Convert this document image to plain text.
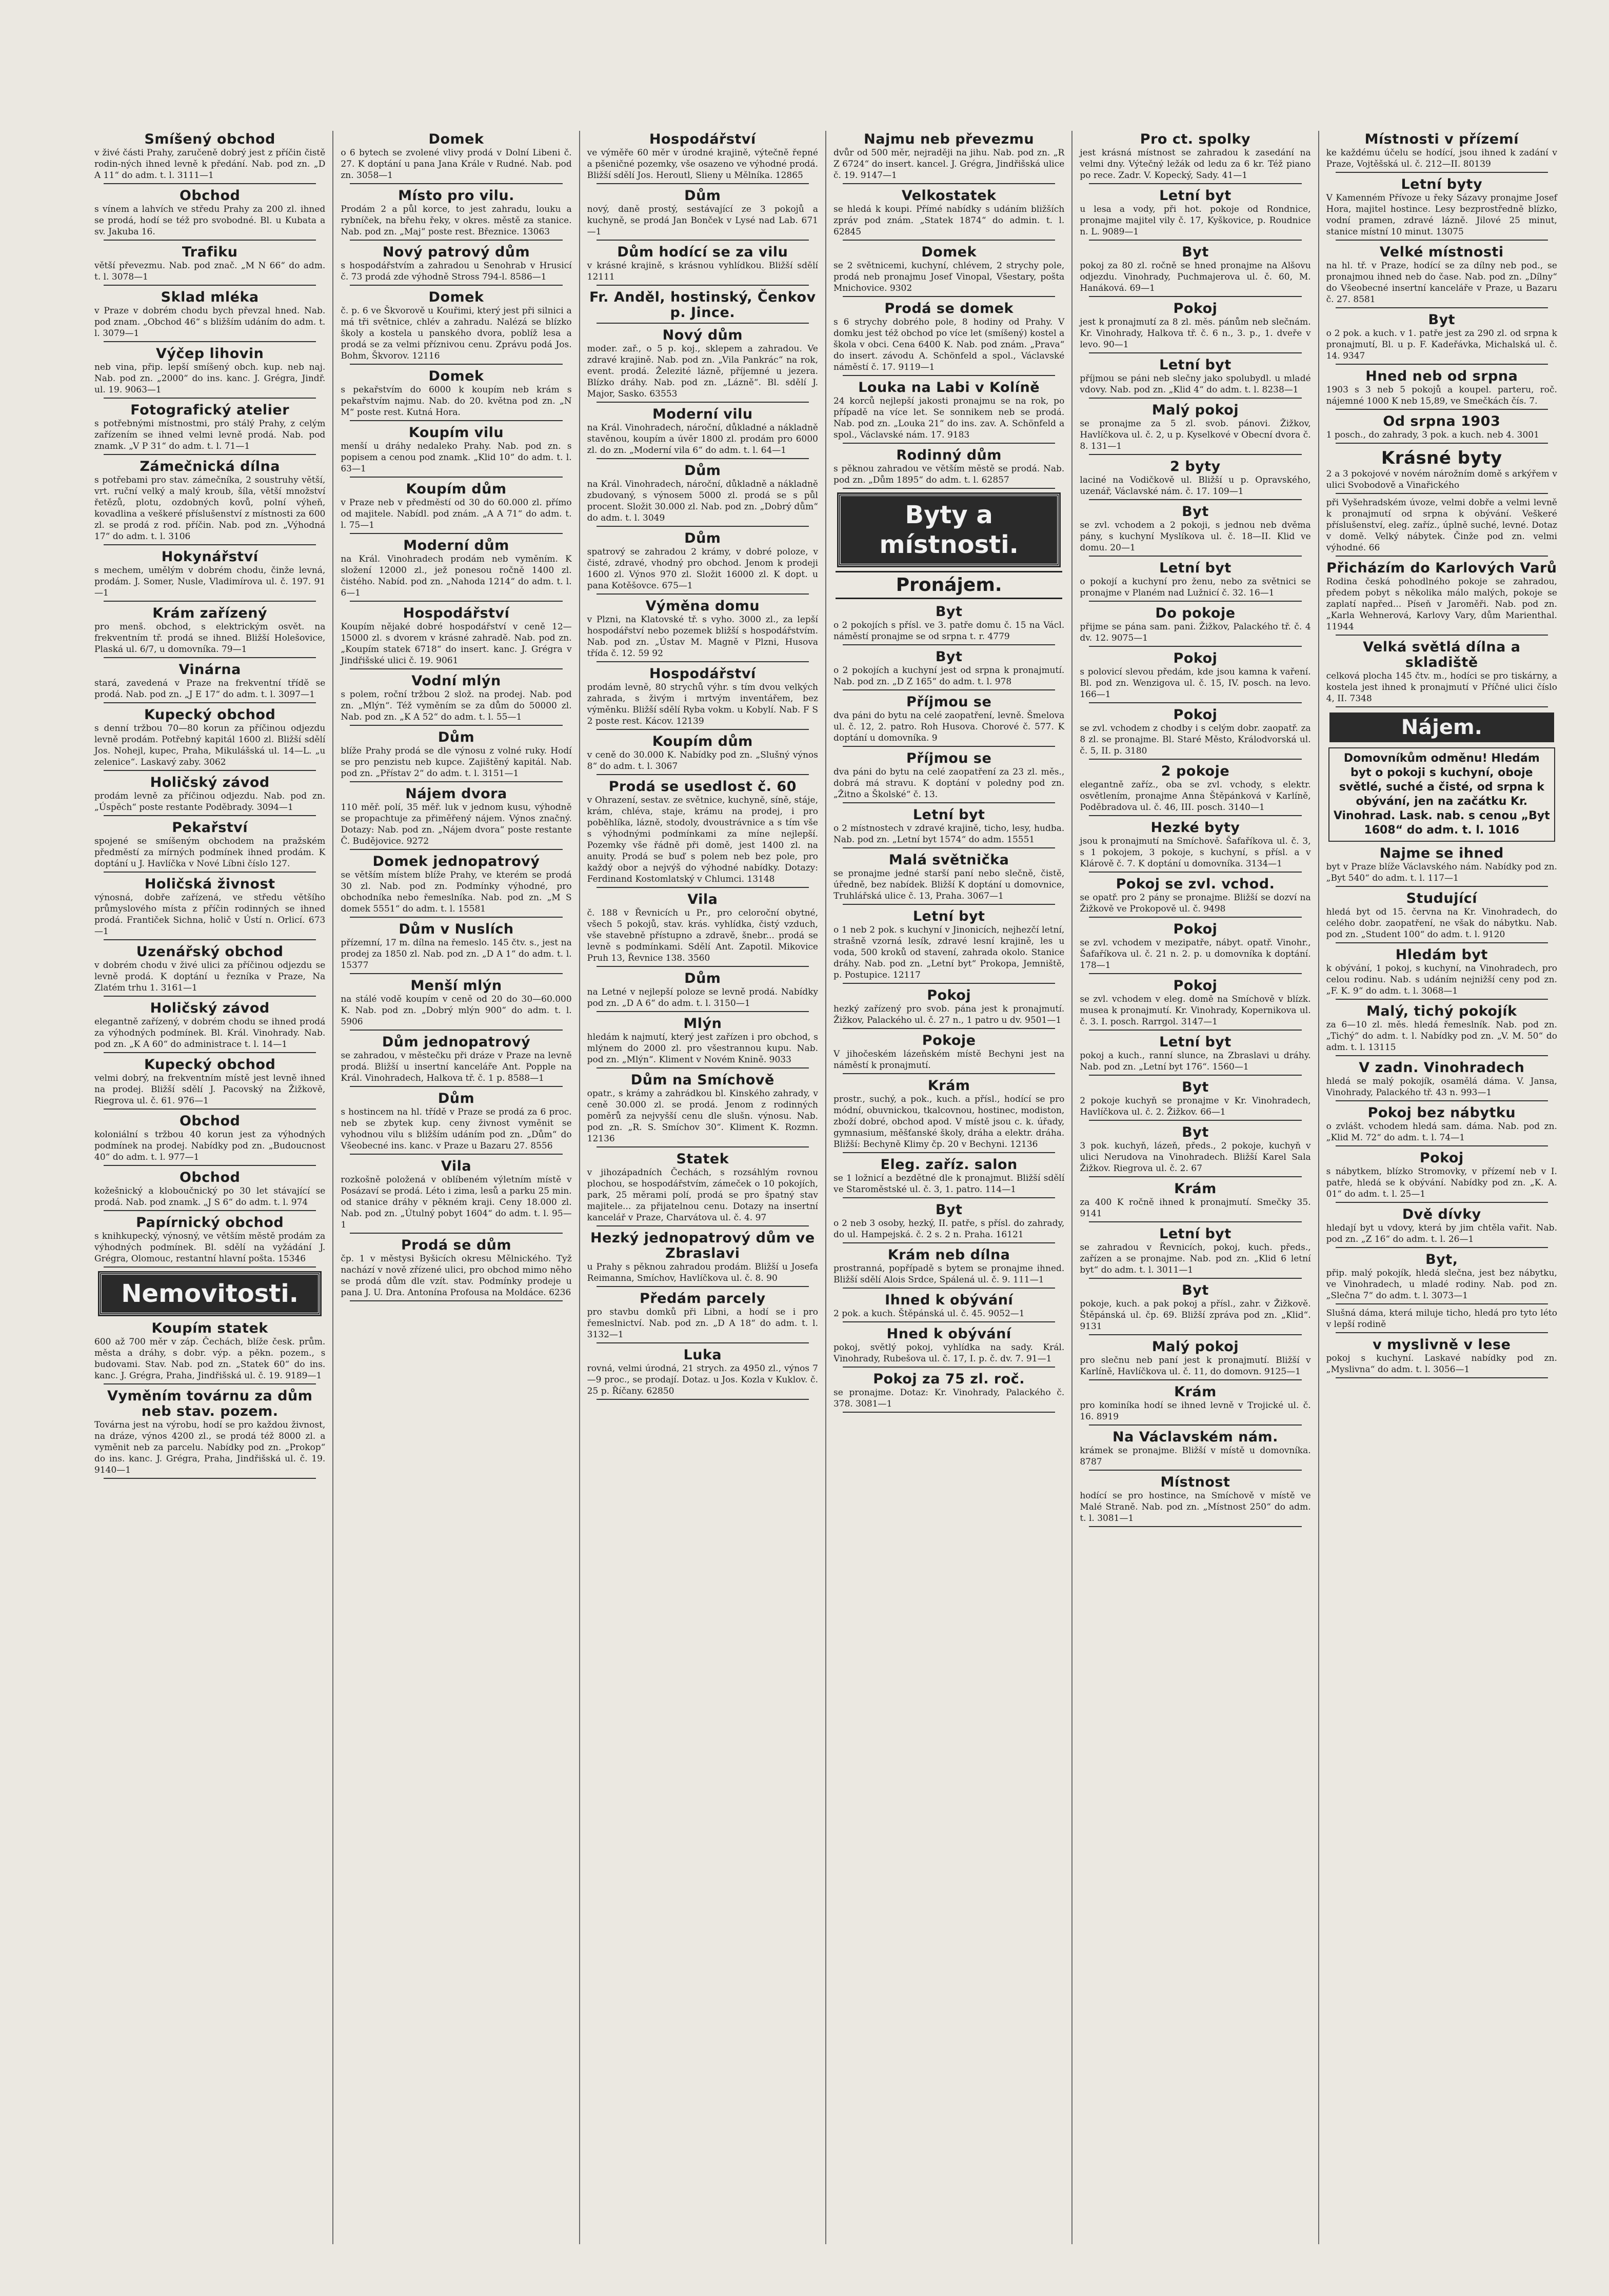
Smíšený obchod

v živé části Prahy, zaručeně dobrý jest z příčin čistě rodin-ných ihned levně k předání. Nab. pod zn. „D A 11“ do adm. t. l. 3111—1

Obchod

s vínem a lahvích ve středu Prahy za 200 zl. ihned se prodá, hodí se též pro svobodné. Bl. u Kubata a sv. Jakuba 16.

Trafiku

větší převezmu. Nab. pod znač. „M N 66“ do adm. t. l. 3078—1

Sklad mléka

v Praze v dobrém chodu bych převzal hned. Nab. pod znam. „Obchod 46“ s bližším udáním do adm. t. l. 3079—1

Výčep lihovin

neb vina, přip. lepší smíšený obch. kup. neb naj. Nab. pod zn. „2000“ do ins. kanc. J. Grégra, Jindř. ul. 19. 9063—1

Fotografický atelier

s potřebnými místnostmi, pro stálý Prahy, z celým zařízením se ihned velmi levně prodá. Nab. pod znamk. „V P 31“ do adm. t. l. 71—1

Zámečnická dílna

s potřebami pro stav. zámečníka, 2 soustruhy větší, vrt. ruční velký a malý kroub, šíla, větší množství řetězů, plotu, ozdobných kovů, polní výheň, kovadlina a veškeré příslušenství z místnosti za 600 zl. se prodá z rod. příčin. Nab. pod zn. „Výhodná 17“ do adm. t. l. 3106

Hokynářství

s mechem, umělým v dobrém chodu, činže levná, prodám. J. Somer, Nusle, Vladimírova ul. č. 197. 91—1

Krám zařízený

pro menš. obchod, s elektrickým osvět. na frekventním tř. prodá se ihned. Bližší Holešovice, Plaská ul. 6/7, u domovníka. 79—1

Vinárna

stará, zavedená v Praze na frekventní třídě se prodá. Nab. pod zn. „J E 17“ do adm. t. l. 3097—1

Kupecký obchod

s denní tržbou 70—80 korun za příčinou odjezdu levně prodám. Potřebný kapitál 1600 zl. Bližší sdělí Jos. Nohejl, kupec, Praha, Mikulášská ul. 14—L. „u zelenice“. Laskavý zaby. 3062

Holičský závod

prodám levně za příčinou odjezdu. Nab. pod zn. „Úspěch“ poste restante Poděbrady. 3094—1

Pekařství

spojené se smíšeným obchodem na pražském předměstí za mírných podmínek ihned prodám. K doptání u J. Havlíčka v Nové Líbni číslo 127.

Holičská živnost

výnosná, dobře zařízená, ve středu většího průmyslového místa z příčin rodinných se ihned prodá. Frantiček Sichna, holič v Ústí n. Orlicí. 673—1

Uzenářský obchod

v dobrém chodu v živé ulici za příčinou odjezdu se levně prodá. K doptání u řezníka v Praze, Na Zlatém trhu 1. 3161—1

Holičský závod

elegantně zařízený, v dobrém chodu se ihned prodá za výhodných podmínek. Bl. Král. Vinohrady. Nab. pod zn. „K A 60“ do administrace t. l. 14—1

Kupecký obchod

velmi dobrý, na frekventním místě jest levně ihned na prodej. Bližší sdělí J. Pacovský na Žižkově, Riegrova ul. č. 61. 976—1

Obchod

koloniální s tržbou 40 korun jest za výhodných podmínek na prodej. Nabídky pod zn. „Budoucnost 40“ do adm. t. l. 977—1

Obchod

kožešnický a kloboučnický po 30 let stávající se prodá. Nab. pod znamk. „J S 6“ do adm. t. l. 974

Papírnický obchod

s knihkupecký, výnosný, ve větším městě prodám za výhodných podmínek. Bl. sdělí na vyžádání J. Grégra, Olomouc, restantní hlavní pošta. 15346

Nemovitosti.
Koupím statek

600 až 700 měr v záp. Čechách, blíže česk. prům. města a dráhy, s dobr. výp. a pěkn. pozem., s budovami. Stav. Nab. pod zn. „Statek 60“ do ins. kanc. J. Grégra, Praha, Jindřišská ul. č. 19. 9189—1

Vyměním továrnu za dům neb stav. pozem.

Továrna jest na výrobu, hodí se pro každou živnost, na dráze, výnos 4200 zl., se prodá též 8000 zl. a vyměnit neb za parcelu. Nabídky pod zn. „Prokop“ do ins. kanc. J. Grégra, Praha, Jindřišská ul. č. 19. 9140—1

Domek

o 6 bytech se zvolené vlivy prodá v Dolní Libeni č. 27. K doptání u pana Jana Krále v Rudné. Nab. pod zn. 3058—1

Místo pro vilu.

Prodám 2 a půl korce, to jest zahradu, louku a rybníček, na břehu řeky, v okres. městě za stanice. Nab. pod zn. „Maj“ poste rest. Březnice. 13063

Nový patrový dům

s hospodářstvím a zahradou u Senohrab v Hrusicí č. 73 prodá zde výhodně Stross 794-l. 8586—1

Domek

č. p. 6 ve Škvorově u Kouřimi, který jest při silnici a má tři světnice, chlév a zahradu. Nalézá se blízko školy a kostela u panského dvora, poblíž lesa a prodá se za velmi příznivou cenu. Zprávu podá Jos. Bohm, Škvorov. 12116

Domek

s pekařstvím do 6000 k koupím neb krám s pekařstvím najmu. Nab. do 20. května pod zn. „N M“ poste rest. Kutná Hora.

Koupím vilu

menší u dráhy nedaleko Prahy. Nab. pod zn. s popisem a cenou pod znamk. „Klid 10“ do adm. t. l. 63—1

Koupím dům

v Praze neb v předměstí od 30 do 60.000 zl. přímo od majitele. Nabídl. pod znám. „A A 71“ do adm. t. l. 75—1

Moderní dům

na Král. Vinohradech prodám neb vyměním. K složení 12000 zl., jež ponesou ročně 1400 zl. čistého. Nabíd. pod zn. „Nahoda 1214“ do adm. t. l. 6—1

Hospodářství

Koupím nějaké dobré hospodářství v ceně 12—15000 zl. s dvorem v krásné zahradě. Nab. pod zn. „Koupím statek 6718“ do insert. kanc. J. Grégra v Jindřišské ulici č. 19. 9061

Vodní mlýn

s polem, roční tržbou 2 slož. na prodej. Nab. pod zn. „Mlýn“. Též vyměním se za dům do 50000 zl. Nab. pod zn. „K A 52“ do adm. t. l. 55—1

Dům

blíže Prahy prodá se dle výnosu z volné ruky. Hodí se pro penzistu neb kupce. Zajištěný kapitál. Nab. pod zn. „Přístav 2“ do adm. t. l. 3151—1

Nájem dvora

110 měř. polí, 35 měř. luk v jednom kusu, výhodně se propachtuje za přiměřený nájem. Výnos značný. Dotazy: Nab. pod zn. „Nájem dvora“ poste restante Č. Budějovice. 9272

Domek jednopatrový

se větším místem blíže Prahy, ve kterém se prodá 30 zl. Nab. pod zn. Podmínky výhodné, pro obchodníka nebo řemeslníka. Nab. pod zn. „M S domek 5551“ do adm. t. l. 15581

Dům v Nuslích

přízemní, 17 m. dílna na řemeslo. 145 čtv. s., jest na prodej za 1850 zl. Nab. pod zn. „D A 1“ do adm. t. l. 15377

Menší mlýn

na stálé vodě koupím v ceně od 20 do 30—60.000 K. Nab. pod zn. „Dobrý mlýn 900“ do adm. t. l. 5906

Dům jednopatrový

se zahradou, v městečku při dráze v Praze na levně prodá. Bližší u insertní kanceláře Ant. Popple na Král. Vinohradech, Halkova tř. č. 1 p. 8588—1

Dům

s hostincem na hl. třídě v Praze se prodá za 6 proc. neb se zbytek kup. ceny živnost vyměnit se vyhodnou vilu s bližším udáním pod zn. „Dům“ do Všeobecné ins. kanc. v Praze u Bazaru 27. 8556

Vila

rozkošně položená v oblíbeném výletním místě v Posázaví se prodá. Léto i zima, lesů a parku 25 min. od stanice dráhy v pěkném kraji. Ceny 18.000 zl. Nab. pod zn. „Útulný pobyt 1604“ do adm. t. l. 95—1

Prodá se dům

čp. 1 v městysi Byšicích okresu Mělnického. Tyž nachází v nově zřízené ulici, pro obchod mimo něho se prodá dům dle vzít. stav. Podmínky prodeje u pana J. U. Dra. Antonína Profousa na Moldáce. 6236

Hospodářství

ve výměře 60 měr v úrodné krajině, výtečně řepné a pšeničné pozemky, vše osazeno ve výhodné prodá. Bližší sdělí Jos. Heroutl, Slieny u Mělníka. 12865

Dům

nový, daně prostý, sestávající ze 3 pokojů a kuchyně, se prodá Jan Bonček v Lysé nad Lab. 671—1

Dům hodící se za vilu

v krásné krajině, s krásnou vyhlídkou. Bližší sdělí 12111

Fr. Anděl, hostinský, Čenkov p. Jince.
Nový dům

moder. zař., o 5 p. koj., sklepem a zahradou. Ve zdravé krajině. Nab. pod zn. „Vila Pankrác“ na rok, event. prodá. Železité lázně, příjemné u jezera. Blízko dráhy. Nab. pod zn. „Lázně“. Bl. sdělí J. Major, Sasko. 63553

Moderní vilu

na Král. Vinohradech, nároční, důkladné a nákladně stavěnou, koupím a úvěr 1800 zl. prodám pro 6000 zl. do zn. „Moderní vila 6“ do adm. t. l. 64—1

Dům

na Král. Vinohradech, nároční, důkladně a nákladně zbudovaný, s výnosem 5000 zl. prodá se s půl procent. Složit 30.000 zl. Nab. pod zn. „Dobrý dům“ do adm. t. l. 3049

Dům

spatrový se zahradou 2 krámy, v dobré poloze, v čisté, zdravé, vhodný pro obchod. Jenom k prodeji 1600 zl. Výnos 970 zl. Složit 16000 zl. K dopt. u pana Kotěšovce. 675—1

Výměna domu

v Plzni, na Klatovské tř. s vyho. 3000 zl., za lepší hospodářství nebo pozemek bližší s hospodářstvím. Nab. pod zn. „Ústav M. Magně v Plzni, Husova třída č. 12. 59 92

Hospodářství

prodám levně, 80 strychů výhr. s tím dvou velkých zahrada, s živým i mrtvým inventářem, bez výměnku. Bližší sdělí Ryba vokm. u Kobylí. Nab. F S 2 poste rest. Kácov. 12139

Koupím dům

v ceně do 30.000 K. Nabídky pod zn. „Slušný výnos 8“ do adm. t. l. 3067

Prodá se usedlost č. 60

v Ohrazení, sestav. ze světnice, kuchyně, síně, stáje, krám, chléva, staje, krámu na prodej, i pro poběhlíka, lázně, stodoly, dvoustrávnice a s tím vše s výhodnými podmínkami za míne nejlepší. Pozemky vše řádně při domě, jest 1400 zl. na anuity. Prodá se buď s polem neb bez pole, pro každý obor a nejvýš do výhodné nabídky. Dotazy: Ferdinand Kostomlatský v Chlumci. 13148

Vila

č. 188 v Řevnicích u Pr., pro celoroční obytné, všech 5 pokojů, stav. krás. vyhlídka, čistý vzduch, vše stavebně přístupno a zdravě, šnebr... prodá se levně s podmínkami. Sdělí Ant. Zapotil. Mikovice Pruh 13, Řevnice 138. 3560

Dům

na Letné v nejlepší poloze se levně prodá. Nabídky pod zn. „D A 6“ do adm. t. l. 3150—1

Mlýn

hledám k najmutí, který jest zařízen i pro obchod, s mlýnem do 2000 zl. pro všestrannou kupu. Nab. pod zn. „Mlýn“. Kliment v Novém Knině. 9033

Dům na Smíchově

opatr., s krámy a zahrádkou bl. Kinského zahrady, v ceně 30.000 zl. se prodá. Jenom z rodinných poměrů za nejvyšší cenu dle slušn. výnosu. Nab. pod zn. „R. S. Smíchov 30“. Kliment K. Rozmn. 12136

Statek

v jihozápadních Čechách, s rozsáhlým rovnou plochou, se hospodářstvím, zámeček o 10 pokojích, park, 25 měrami polí, prodá se pro špatný stav majitele... za přijatelnou cenu. Dotazy na insertní kancelář v Praze, Charvátova ul. č. 4. 97

Hezký jednopatrový dům ve Zbraslavi

u Prahy s pěknou zahradou prodám. Bližší u Josefa Reimanna, Smíchov, Havlíčkova ul. č. 8. 90

Předám parcely

pro stavbu domků při Libni, a hodí se i pro řemeslnictví. Nab. pod zn. „D A 18“ do adm. t. l. 3132—1

Luka

rovná, velmi úrodná, 21 strych. za 4950 zl., výnos 7—9 proc., se prodají. Dotaz. u Jos. Kozla v Kuklov. č. 25 p. Říčany. 62850

Najmu neb převezmu

dvůr od 500 měr, nejraději na jihu. Nab. pod zn. „R Z 6724“ do insert. kancel. J. Grégra, Jindřišská ulice č. 19. 9147—1

Velkostatek

se hledá k koupi. Přímé nabídky s udáním bližších zpráv pod znám. „Statek 1874“ do admin. t. l. 62845

Domek

se 2 světnicemi, kuchyní, chlévem, 2 strychy pole, prodá neb pronajmu Josef Vinopal, Všestary, pošta Mnichovice. 9302

Prodá se domek

s 6 strychy dobrého pole, 8 hodiny od Prahy. V domku jest též obchod po více let (smíšený) kostel a škola v obci. Cena 6400 K. Nab. pod znám. „Prava“ do insert. závodu A. Schönfeld a spol., Václavské náměstí č. 17. 9119—1

Louka na Labi v Kolíně

24 korců nejlepší jakosti pronajmu se na rok, po případě na více let. Se sonnikem neb se prodá. Nab. pod zn. „Louka 21“ do ins. zav. A. Schönfeld a spol., Václavské nám. 17. 9183

Rodinný dům

s pěknou zahradou ve větším městě se prodá. Nab. pod zn. „Dům 1895“ do adm. t. l. 62857

Byty a místnosti.
Pronájem.
Byt

o 2 pokojích s přísl. ve 3. patře domu č. 15 na Václ. náměstí pronajme se od srpna t. r. 4779

Byt

o 2 pokojích a kuchyní jest od srpna k pronajmutí. Nab. pod zn. „D Z 165“ do adm. t. l. 978

Příjmou se

dva páni do bytu na celé zaopatření, levně. Šmelova ul. č. 12, 2. patro. Roh Husova. Chorové č. 577. K doptání u domovníka. 9

Příjmou se

dva páni do bytu na celé zaopatření za 23 zl. měs., dobrá má stravu. K doptání v poledny pod zn. „Žitno a Školské“ č. 13.

Letní byt

o 2 místnostech v zdravé krajině, ticho, lesy, hudba. Nab. pod zn. „Letní byt 1574“ do adm. 15551

Malá světnička

se pronajme jedné starší paní nebo slečně, čistě, úředně, bez nabídek. Bližší K doptání u domovnice, Truhlářská ulice č. 13, Praha. 3067—1

Letní byt

o 1 neb 2 pok. s kuchyní v Jinonicích, nejhezčí letní, strašně vzorná lesík, zdravé lesní krajině, les u voda, 500 kroků od stavení, zahrada okolo. Stanice dráhy. Nab. pod zn. „Letní byt“ Prokopa, Jemniště, p. Postupice. 12117

Pokoj

hezký zařízený pro svob. pána jest k pronajmutí. Žižkov, Palackého ul. č. 27 n., 1 patro u dv. 9501—1

Pokoje

V jihočeském lázeňském místě Bechyni jest na náměstí k pronajmutí.

Krám

prostr., suchý, a pok., kuch. a přísl., hodící se pro módní, obuvnickou, tkalcovnou, hostinec, modiston, zboží dobré, obchod apod. V místě jsou c. k. úřady, gymnasium, měšťanské školy, dráha a elektr. dráha. Bližší: Bechyně Klimy čp. 20 v Bechyni. 12136

Eleg. zaříz. salon

se 1 ložnicí a bezdětné dle k pronajmut. Bližší sdělí ve Staroměstské ul. č. 3, 1. patro. 114—1

Byt

o 2 neb 3 osoby, hezký, II. patře, s přísl. do zahrady, do ul. Hampejská. č. 2 s. 2 n. Praha. 16121

Krám neb dílna

prostranná, popřípadě s bytem se pronajme ihned. Bližší sdělí Alois Srdce, Spálená ul. č. 9. 111—1

Ihned k obývání

2 pok. a kuch. Štěpánská ul. č. 45. 9052—1

Hned k obývání

pokoj, světlý pokoj, vyhlídka na sady. Král. Vinohrady, Rubešova ul. č. 17, I. p. č. dv. 7. 91—1

Pokoj za 75 zl. roč.

se pronajme. Dotaz: Kr. Vinohrady, Palackého č. 378. 3081—1

Pro ct. spolky

jest krásná místnost se zahradou k zasedání na velmi dny. Výtečný ležák od ledu za 6 kr. Též piano po rece. Zadr. V. Kopecký, Sady. 41—1

Letní byt

u lesa a vody, při hot. pokoje od Rondnice, pronajme majitel vily č. 17, Kyškovice, p. Roudnice n. L. 9089—1

Byt

pokoj za 80 zl. ročně se hned pronajme na Alšovu odjezdu. Vinohrady, Puchmajerova ul. č. 60, M. Hanáková. 69—1

Pokoj

jest k pronajmutí za 8 zl. měs. pánům neb slečnám. Kr. Vinohrady, Halkova tř. č. 6 n., 3. p., 1. dveře v levo. 90—1

Letní byt

příjmou se páni neb slečny jako spolubydl. u mladé vdovy. Nab. pod zn. „Klid 4“ do adm. t. l. 8238—1

Malý pokoj

se pronajme za 5 zl. svob. pánovi. Žižkov, Havlíčkova ul. č. 2, u p. Kyselkové v Obecní dvora č. 8. 131—1

2 byty

laciné na Vodičkově ul. Bližší u p. Opravského, uzenář, Václavské nám. č. 17. 109—1

Byt

se zvl. vchodem a 2 pokoji, s jednou neb dvěma pány, s kuchyní Myslíkova ul. č. 18—II. Klid ve domu. 20—1

Letní byt

o pokojí a kuchyní pro ženu, nebo za světnici se pronajme v Planém nad Lužnicí č. 32. 16—1

Do pokoje

přijme se pána sam. pani. Žižkov, Palackého tř. č. 4 dv. 12. 9075—1

Pokoj

s polovicí slevou předám, kde jsou kamna k vaření. Bl. pod zn. Wenzigova ul. č. 15, IV. posch. na levo. 166—1

Pokoj

se zvl. vchodem z chodby i s celým dobr. zaopatř. za 8 zl. se pronajme. Bl. Staré Město, Králodvorská ul. č. 5, II. p. 3180

2 pokoje

elegantně zaříz., oba se zvl. vchody, s elektr. osvětlením, pronajme Anna Štěpánková v Karlíně, Poděbradova ul. č. 46, III. posch. 3140—1

Hezké byty

jsou k pronajmutí na Smíchově. Šafaříkova ul. č. 3, s 1 pokojem, 3 pokoje, s kuchyní, s přísl. a v Klárově č. 7. K doptání u domovníka. 3134—1

Pokoj se zvl. vchod.

se opatř. pro 2 pány se pronajme. Bližší se dozví na Žižkově ve Prokopově ul. č. 9498

Pokoj

se zvl. vchodem v mezipatře, nábyt. opatř. Vinohr., Šafaříkova ul. č. 21 n. 2. p. u domovníka k doptání. 178—1

Pokoj

se zvl. vchodem v eleg. domě na Smíchově v blízk. musea k pronajmutí. Kr. Vinohrady, Kopernikova ul. č. 3. I. posch. Rarrgol. 3147—1

Letní byt

pokoj a kuch., ranní slunce, na Zbraslavi u dráhy. Nab. pod zn. „Letní byt 176“. 1560—1

Byt

2 pokoje kuchyň se pronajme v Kr. Vinohradech, Havlíčkova ul. č. 2. Žižkov. 66—1

Byt

3 pok. kuchyň, lázeň, předs., 2 pokoje, kuchyň v ulici Nerudova na Vinohradech. Bližší Karel Sala Žižkov. Riegrova ul. č. 2. 67

Krám

za 400 K ročně ihned k pronajmutí. Smečky 35. 9141

Letní byt

se zahradou v Řevnicích, pokoj, kuch. předs., zařízen a se pronajme. Nab. pod zn. „Klid 6 letní byt“ do adm. t. l. 3011—1

Byt

pokoje, kuch. a pak pokoj a přísl., zahr. v Žižkově. Štěpánská ul. čp. 69. Bližší zpráva pod zn. „Klid“. 9131

Malý pokoj

pro slečnu neb paní jest k pronajmutí. Bližší v Karlíně, Havlíčkova ul. č. 11, do domovn. 9125—1

Krám

pro kominíka hodí se ihned levně v Trojické ul. č. 16. 8919

Na Václavském nám.

krámek se pronajme. Bližší v místě u domovníka. 8787

Místnost

hodící se pro hostince, na Smíchově v místě ve Malé Straně. Nab. pod zn. „Místnost 250“ do adm. t. l. 3081—1

Místnosti v přízemí

ke každému účelu se hodící, jsou ihned k zadání v Praze, Vojtěšská ul. č. 212—II. 80139

Letní byty

V Kamenném Přívoze u řeky Sázavy pronajme Josef Hora, majitel hostince. Lesy bezprostředně blízko, vodní pramen, zdravé lázně. Jilové 25 minut, stanice místní 10 minut. 13075

Velké místnosti

na hl. tř. v Praze, hodící se za dílny neb pod., se pronajmou ihned neb do čase. Nab. pod zn. „Dílny“ do Všeobecné insertní kanceláře v Praze, u Bazaru č. 27. 8581

Byt

o 2 pok. a kuch. v 1. patře jest za 290 zl. od srpna k pronajmutí, Bl. u p. F. Kadeřávka, Michalská ul. č. 14. 9347

Hned neb od srpna

1903 s 3 neb 5 pokojů a koupel. parteru, roč. nájemné 1000 K neb 15,89, ve Smečkách čís. 7.

Od srpna 1903

1 posch., do zahrady, 3 pok. a kuch. neb 4. 3001

Krásné byty

2 a 3 pokojové v novém nárožním domě s arkýřem v ulici Svobodově a Vinařického

při Vyšehradském úvoze, velmi dobře a velmi levně k pronajmutí od srpna k obývání. Veškeré příslušenství, eleg. zaříz., úplně suché, levné. Dotaz v domě. Velký nábytek. Činže pod zn. velmi výhodné. 66

Přicházím do Karlových Varů

Rodina česká pohodlného pokoje se zahradou, předem pobyt s několika málo malých, pokoje se zaplatí napřed... Píseň v Jaroměři. Nab. pod zn. „Karla Wehnerová, Karlovy Vary, dům Marienthal. 11944

Velká světlá dílna a skladiště

celková plocha 145 čtv. m., hodíci se pro tiskárny, a kostela jest ihned k pronajmutí v Příčné ulici číslo 4, II. 7348

Nájem.

Domovníkům odměnu! Hledám byt o pokoji s kuchyní, oboje světlé, suché a čisté, od srpna k obývání, jen na začátku Kr. Vinohrad. Lask. nab. s cenou „Byt 1608“ do adm. t. l. 1016

Najme se ihned

byt v Praze blíže Václavského nám. Nabídky pod zn. „Byt 540“ do adm. t. l. 117—1

Studující

hledá byt od 15. června na Kr. Vinohradech, do celého dobr. zaopatření, ne však do nábytku. Nab. pod zn. „Student 100“ do adm. t. l. 9120

Hledám byt

k obývání, 1 pokoj, s kuchyní, na Vinohradech, pro celou rodinu. Nab. s udáním nejnižší ceny pod zn. „F. K. 9“ do adm. t. l. 3068—1

Malý, tichý pokojík

za 6—10 zl. měs. hledá řemeslník. Nab. pod zn. „Tichý“ do adm. t. l. Nabídky pod zn. „V. M. 50“ do adm. t. l. 13115

V zadn. Vinohradech

hledá se malý pokojík, osamělá dáma. V. Jansa, Vinohrady, Palackého tř. 43 n. 993—1

Pokoj bez nábytku

o zvlášt. vchodem hledá sam. dáma. Nab. pod zn. „Klid M. 72“ do adm. t. l. 74—1

Pokoj

s nábytkem, blízko Stromovky, v přízemí neb v I. patře, hledá se k obývání. Nabídky pod zn. „K. A. 01“ do adm. t. l. 25—1

Dvě dívky

hledají byt u vdovy, která by jim chtěla vařit. Nab. pod zn. „Z 16“ do adm. t. l. 26—1

Byt,

přip. malý pokojík, hledá slečna, jest bez nábytku, ve Vinohradech, u mladé rodiny. Nab. pod zn. „Slečna 7“ do adm. t. l. 3073—1

Slušná dáma, která miluje ticho, hledá pro tyto léto v lepší rodině

v myslivně v lese

pokoj s kuchyní. Laskavé nabídky pod zn. „Myslivna“ do adm. t. l. 3056—1
